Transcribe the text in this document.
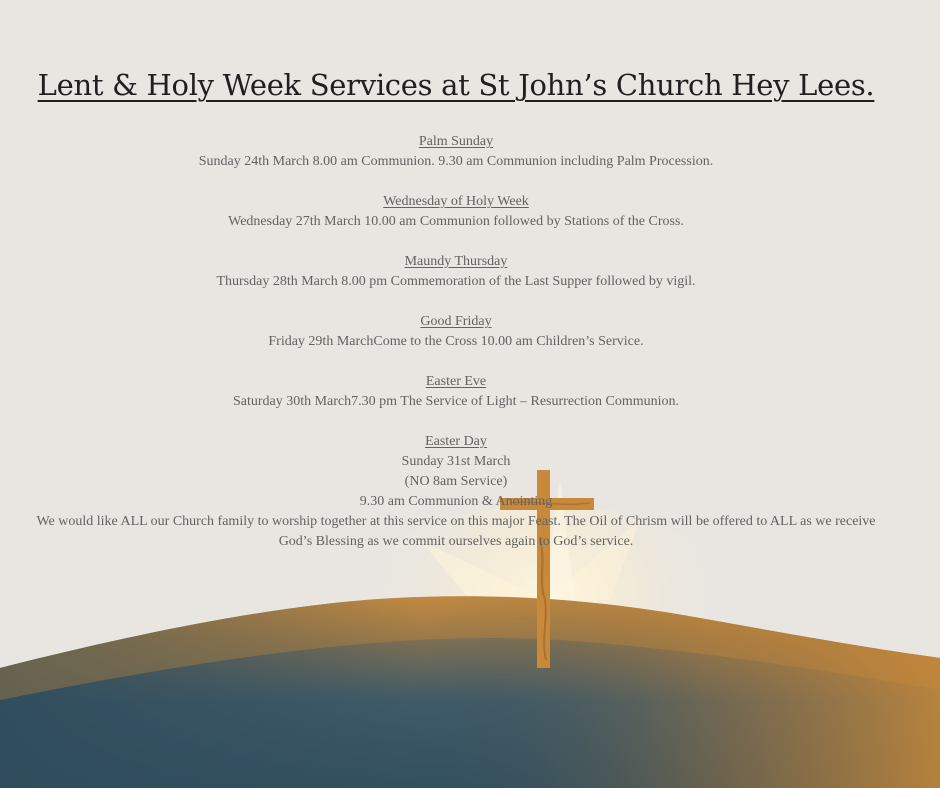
Lent & Holy Week Services at St John’s Church Hey Lees.
Palm Sunday
Sunday 24th March 8.00 am Communion. 9.30 am Communion including Palm Procession.
Wednesday of Holy Week
Wednesday 27th March 10.00 am Communion followed by Stations of the Cross.
Maundy Thursday
Thursday 28th March 8.00 pm Commemoration of the Last Supper followed by vigil.
Good Friday
Friday 29th MarchCome to the Cross 10.00 am Children’s Service.
Easter Eve
Saturday 30th March7.30 pm The Service of Light – Resurrection Communion.
Easter Day
Sunday 31st March
(NO 8am Service)
9.30 am Communion & Anointing
We would like ALL our Church family to worship together at this service on this major Feast. The Oil of Chrism will be offered to ALL as we receive
God’s Blessing as we commit ourselves again to God’s service.
